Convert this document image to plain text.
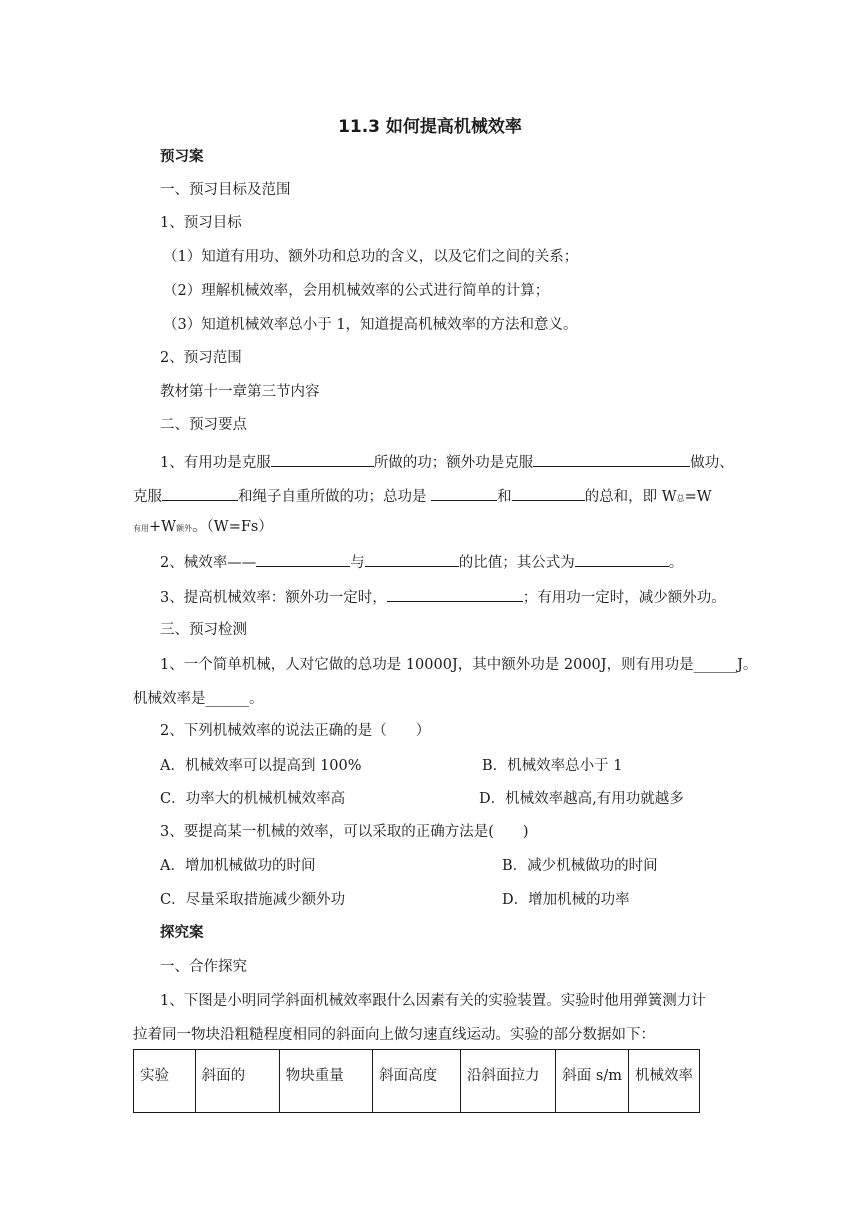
11.3 如何提高机械效率
预习案
一、预习目标及范围
1、预习目标
（1）知道有用功、额外功和总功的含义，以及它们之间的关系；
（2）理解机械效率，会用机械效率的公式进行简单的计算；
（3）知道机械效率总小于 1，知道提高机械效率的方法和意义。
2、预习范围
教材第十一章第三节内容
二、预习要点
1、有用功是克服	所做的功；额外功是克服	做功、
克服	和绳子自重所做的功；总功是	和	的总和，即 W总=W
有用+W额外。（W=Fs）
2、械效率——	与	的比值；其公式为	。
3、提高机械效率：额外功一定时，	；有用功一定时，减少额外功。
三、预习检测
1、一个简单机械，人对它做的总功是 10000J，其中额外功是 2000J，则有用功是______J。
机械效率是______。
2、下列机械效率的说法正确的是（　　）
A．机械效率可以提高到 100%	B．机械效率总小于 1
C．功率大的机械机械效率高	D．机械效率越高,有用功就越多
3、要提高某一机械的效率，可以采取的正确方法是(　　)
A．增加机械做功的时间	B．减少机械做功的时间
C．尽量采取措施减少额外功	D．增加机械的功率
探究案
一、合作探究
1、下图是小明同学斜面机械效率跟什么因素有关的实验装置。实验时他用弹簧测力计
拉着同一物块沿粗糙程度相同的斜面向上做匀速直线运动。实验的部分数据如下：
实验	斜面的	物块重量	斜面高度	沿斜面拉力	斜面 s/m	机械效率
